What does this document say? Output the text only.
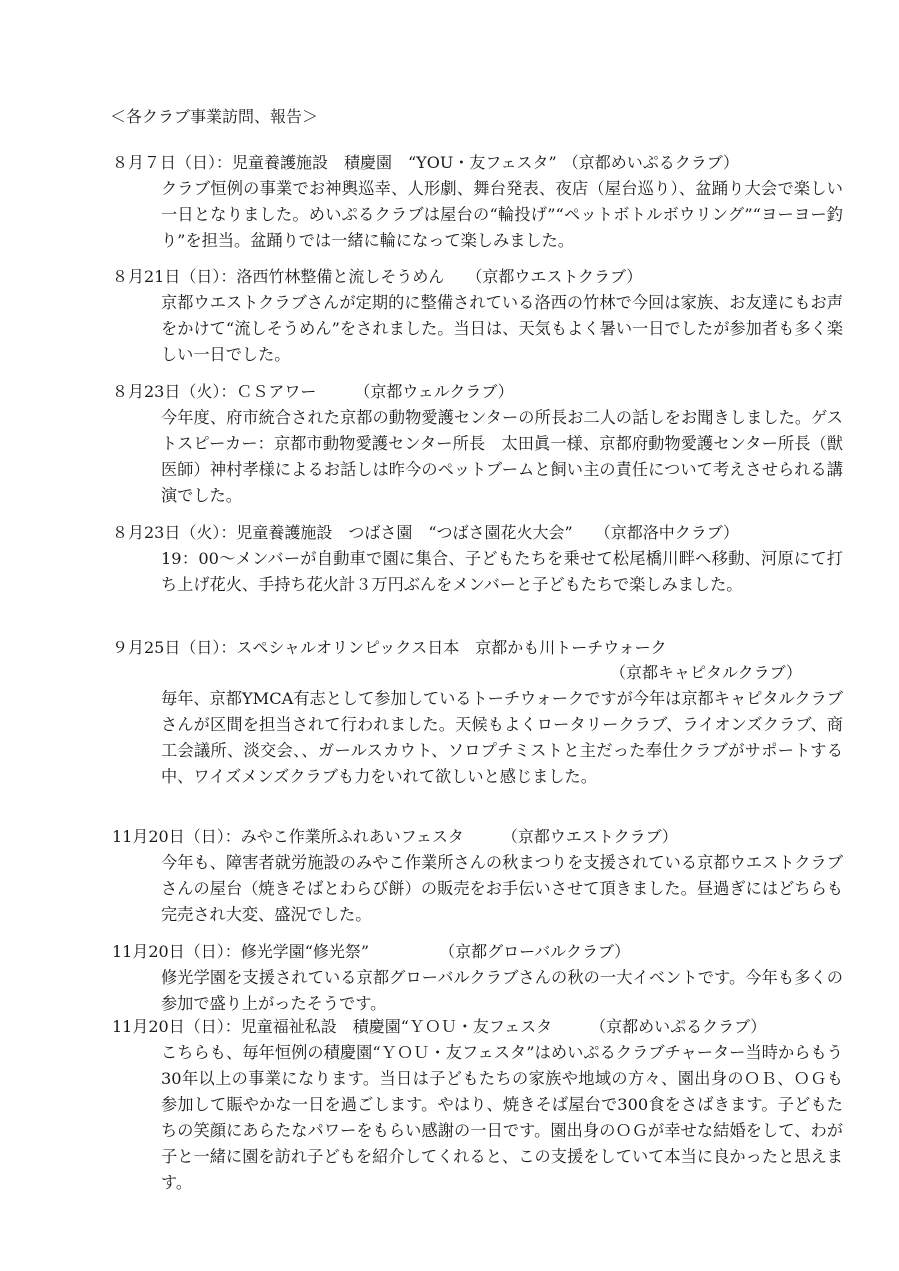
＜各クラブ事業訪問、報告＞
８月７日（日）：児童養護施設　積慶園　“YOU・友フェスタ” （京都めいぷるクラブ）
クラブ恒例の事業でお神輿巡幸、人形劇、舞台発表、夜店（屋台巡り）、盆踊り大会で楽しい一日となりました。めいぷるクラブは屋台の“輪投げ”“ペットボトルボウリング”“ヨーヨー釣り”を担当。盆踊りでは一緒に輪になって楽しみました。
８月21日（日）：洛西竹林整備と流しそうめん　（京都ウエストクラブ）
京都ウエストクラブさんが定期的に整備されている洛西の竹林で今回は家族、お友達にもお声をかけて“流しそうめん”をされました。当日は、天気もよく暑い一日でしたが参加者も多く楽しい一日でした。
８月23日（火）：ＣＳアワー　　（京都ウェルクラブ）
今年度、府市統合された京都の動物愛護センターの所長お二人の話しをお聞きしました。ゲストスピーカー：京都市動物愛護センター所長　太田眞一様、京都府動物愛護センター所長（獣医師）神村孝様によるお話しは昨今のペットブームと飼い主の責任について考えさせられる講演でした。
８月23日（火）：児童養護施設　つばさ園　“つばさ園花火大会”　（京都洛中クラブ）
19：00～メンバーが自動車で園に集合、子どもたちを乗せて松尾橋川畔へ移動、河原にて打ち上げ花火、手持ち花火計３万円ぶんをメンバーと子どもたちで楽しみました。
９月25日（日）：スペシャルオリンピックス日本　京都かも川トーチウォーク
（京都キャピタルクラブ）
毎年、京都YMCA有志として参加しているトーチウォークですが今年は京都キャピタルクラブさんが区間を担当されて行われました。天候もよくロータリークラブ、ライオンズクラブ、商工会議所、淡交会、、ガールスカウト、ソロプチミストと主だった奉仕クラブがサポートする中、ワイズメンズクラブも力をいれて欲しいと感じました。
11月20日（日）：みやこ作業所ふれあいフェスタ　　（京都ウエストクラブ）
今年も、障害者就労施設のみやこ作業所さんの秋まつりを支援されている京都ウエストクラブさんの屋台（焼きそばとわらび餅）の販売をお手伝いさせて頂きました。昼過ぎにはどちらも完売され大変、盛況でした。
11月20日（日）：修光学園“修光祭”　　　　（京都グローバルクラブ）
修光学園を支援されている京都グローバルクラブさんの秋の一大イベントです。今年も多くの参加で盛り上がったそうです。
11月20日（日）：児童福祉私設　積慶園“ＹＯＵ・友フェスタ　　（京都めいぷるクラブ）
こちらも、毎年恒例の積慶園“ＹＯＵ・友フェスタ”はめいぷるクラブチャーター当時からもう30年以上の事業になります。当日は子どもたちの家族や地域の方々、園出身のＯＢ、ＯＧも参加して賑やかな一日を過ごします。やはり、焼きそば屋台で300食をさばきます。子どもたちの笑顔にあらたなパワーをもらい感謝の一日です。園出身のＯＧが幸せな結婚をして、わが子と一緒に園を訪れ子どもを紹介してくれると、この支援をしていて本当に良かったと思えます。
